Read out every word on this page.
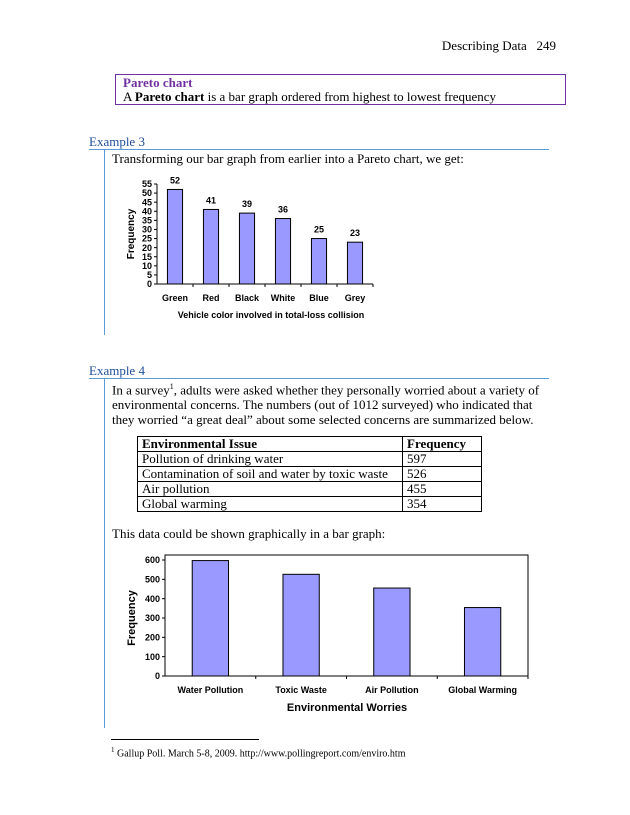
Describing Data 249
Pareto chart
A Pareto chart is a bar graph ordered from highest to lowest frequency
Example 3
Transforming our bar graph from earlier into a Pareto chart, we get:
0
5
10
15
20
25
30
35
40
45
50
55
Green
52
Red
41
Black
39
White
36
Blue
25
Grey
23
Frequency
Vehicle color involved in total-loss collision
Example 4
In a survey$^1$, adults were asked whether they personally worried about a variety of environmental concerns. The numbers (out of 1012 surveyed) who indicated that they worried “a great deal” about some selected concerns are summarized below.
Environmental Issue	Frequency
Pollution of drinking water	597
Contamination of soil and water by toxic waste	526
Air pollution	455
Global warming	354
This data could be shown graphically in a bar graph:
0
100
200
300
400
500
600
Water Pollution	Toxic Waste	Air Pollution	Global Warming
Frequency
Environmental Worries
$^1$ Gallup Poll. March 5-8, 2009. http://www.pollingreport.com/enviro.htm
